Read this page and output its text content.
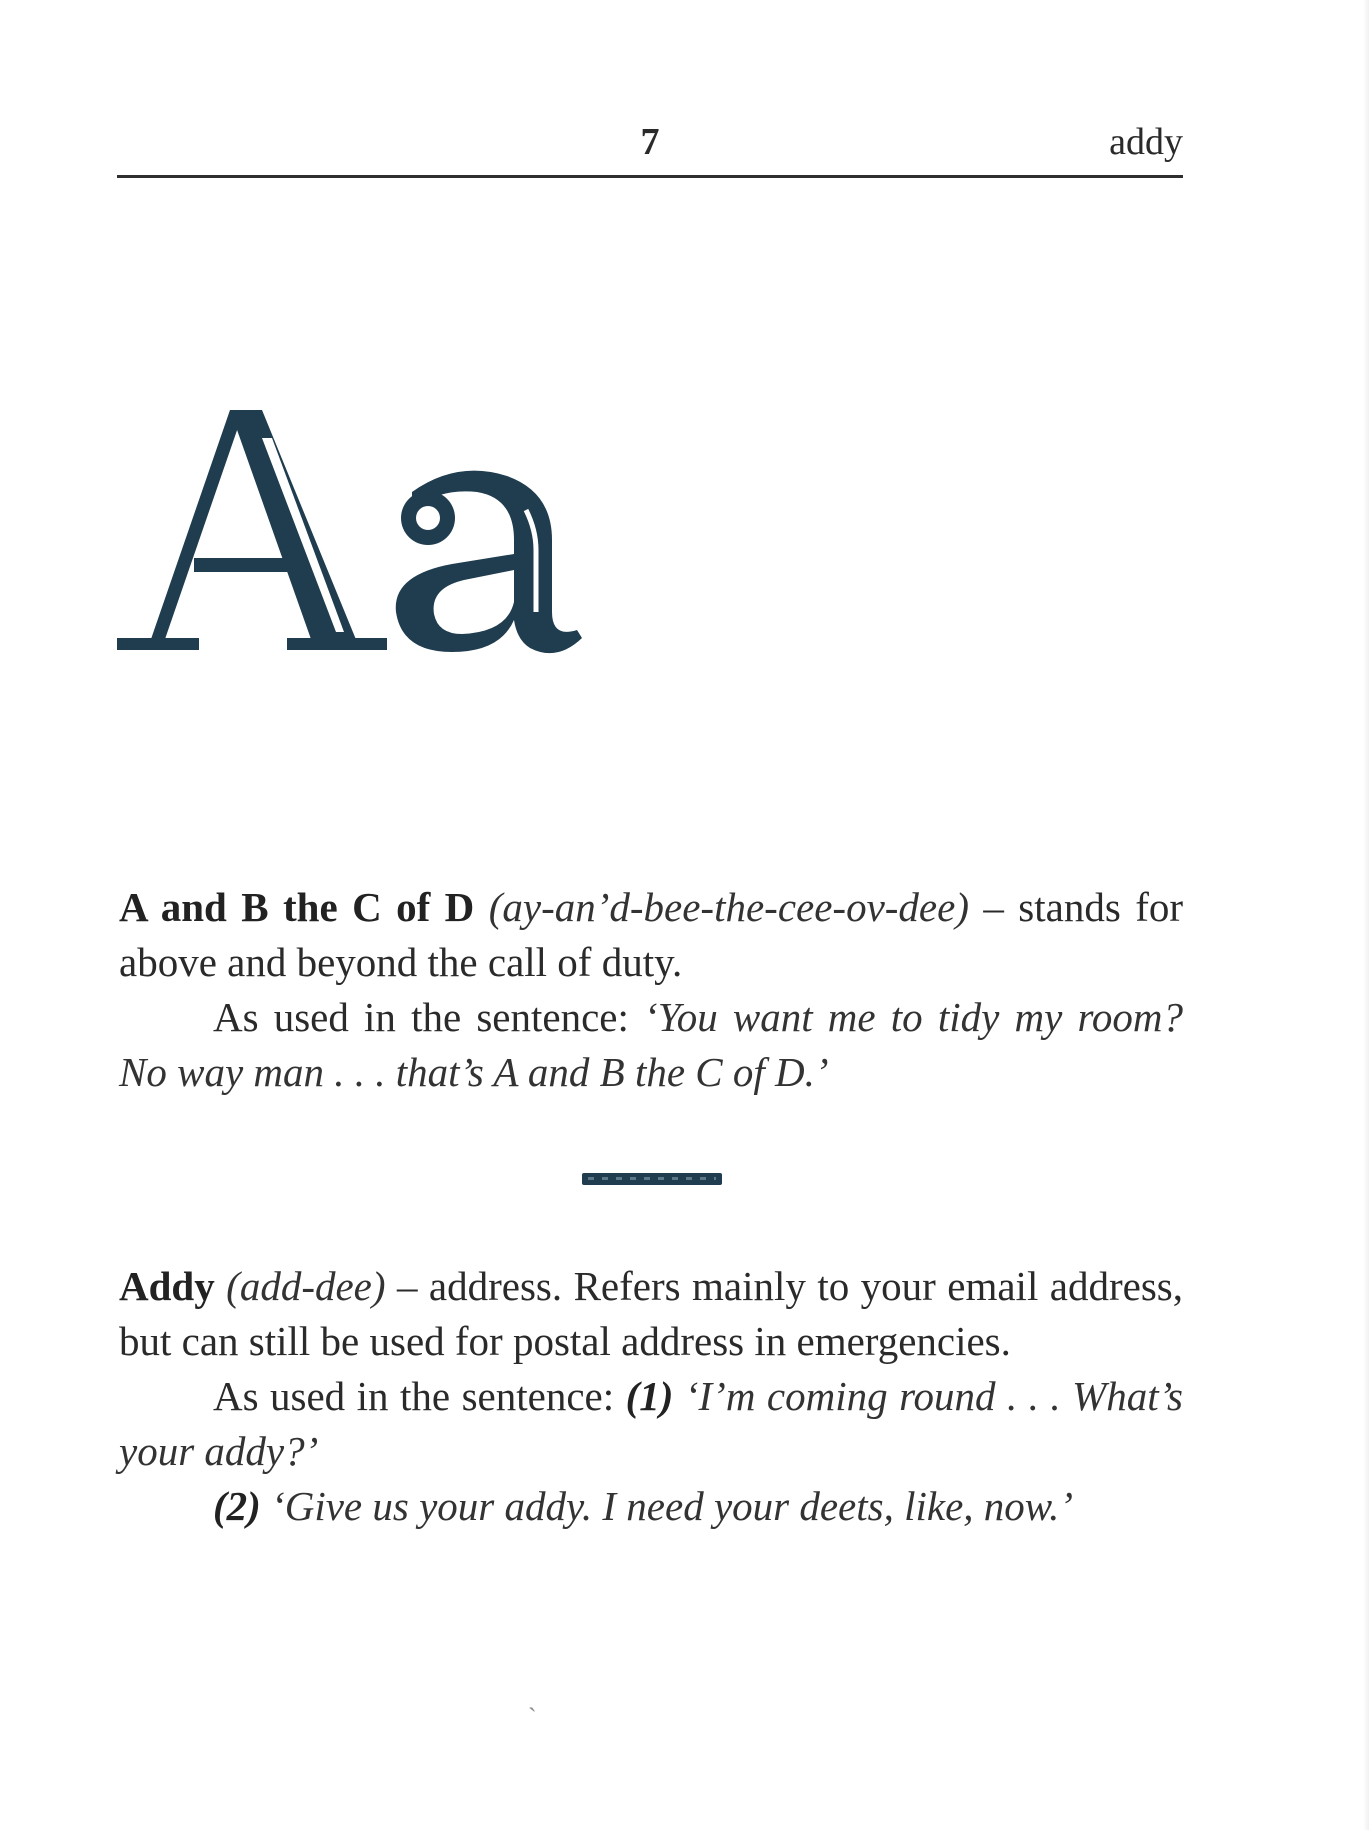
7	addy

A and B the C of D (ay-an’d-bee-the-cee-ov-dee) – stands for above and beyond the call of duty.

As used in the sentence: ‘You want me to tidy my room? No way man . . . that’s A and B the C of D.’

Addy (add-dee) – address. Refers mainly to your email address, but can still be used for postal address in emergencies.

As used in the sentence: (1) ‘I’m coming round . . . What’s your addy?’

(2) ‘Give us your addy. I need your deets, like, now.’

ˎ
